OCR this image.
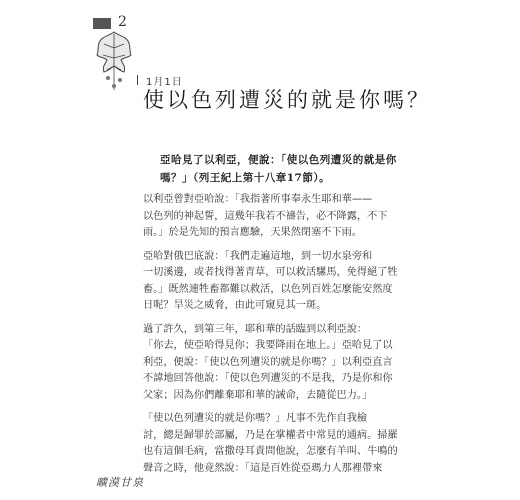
2
1月1日
使以色列遭災的就是你嗎？

亞哈見了以利亞，便說：「使以色列遭災的就是你

嗎？」（列王紀上第十八章17節）。

以利亞曾對亞哈說：「我指著所事奉永生耶和華——
以色列的神起誓，這幾年我若不禱告，必不降露，不下
雨。」於是先知的預言應驗，天果然閉塞不下雨。
亞哈對俄巴底說：「我們走遍這地，到一切水泉旁和
一切溪邊，或者找得著青草，可以救活騾馬，免得絕了牲
畜。」既然連牲畜都難以救活，以色列百姓怎麼能安然度
日呢？旱災之威脅，由此可窺見其一斑。
過了許久，到第三年，耶和華的話臨到以利亞說：
「你去，使亞哈得見你；我要降雨在地上。」亞哈見了以
利亞，便說：「使以色列遭災的就是你嗎？」以利亞直言
不諱地回答他說：「使以色列遭災的不是我，乃是你和你
父家；因為你們離棄耶和華的誡命，去隨從巴力。」
「使以色列遭災的就是你嗎？」凡事不先作自我檢
討，總是歸罪於部屬，乃是在掌權者中常見的通病。掃羅
也有這個毛病，當撒母耳責問他說，怎麼有羊叫、牛鳴的
聲音之時，他竟然說：「這是百姓從亞瑪力人那裡帶來
曠漠甘泉
